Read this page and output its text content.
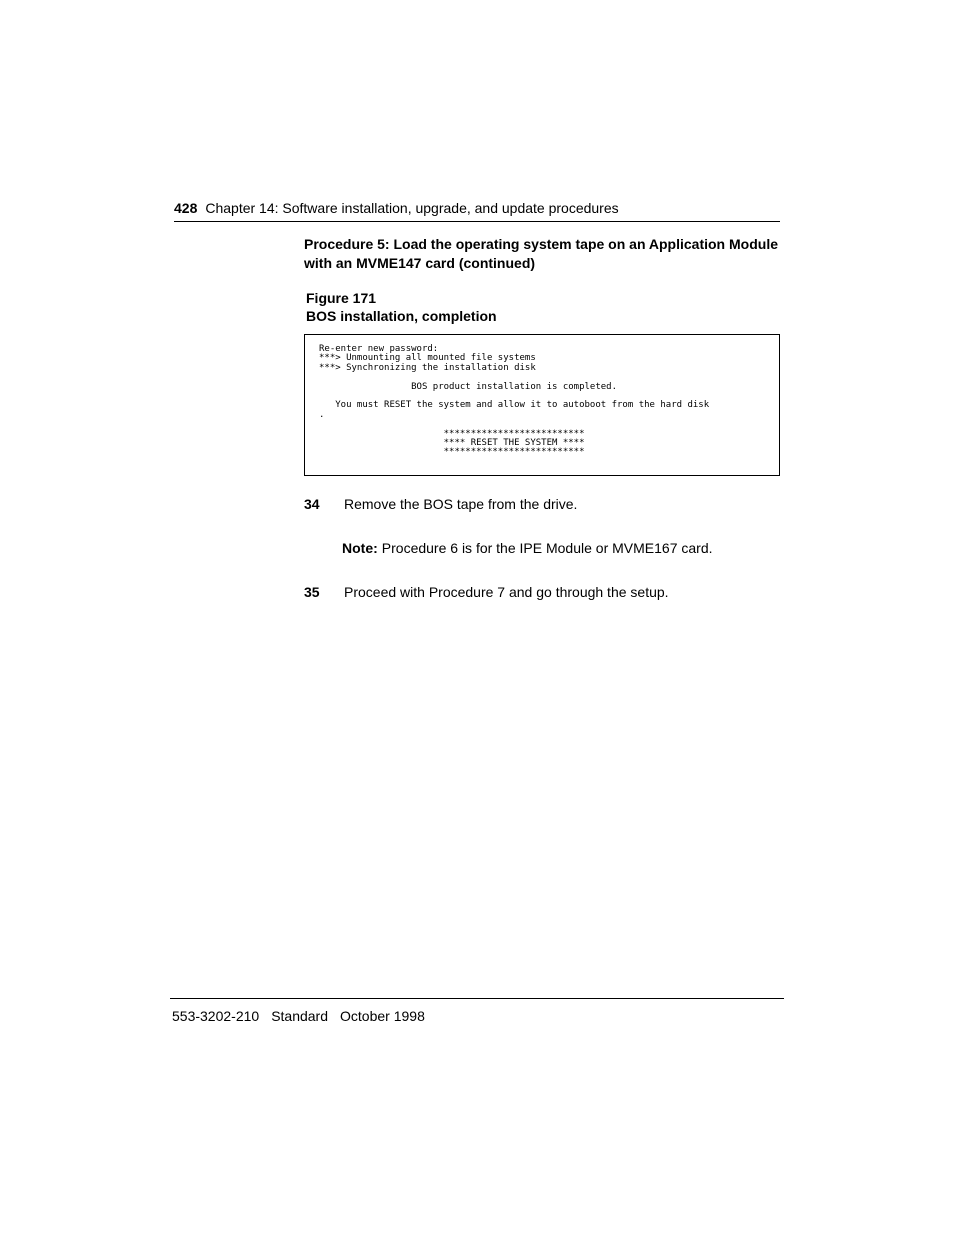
428 Chapter 14: Software installation, upgrade, and update procedures
Procedure 5: Load the operating system tape on an Application Module with an MVME147 card (continued)
Figure 171
BOS installation, completion
Re-enter new password:
***> Unmounting all mounted file systems
***> Synchronizing the installation disk

BOS product installation is completed.

You must RESET the system and allow it to autoboot from the hard disk
.

**************************
**** RESET THE SYSTEM ****
**************************
34 Remove the BOS tape from the drive.
Note: Procedure 6 is for the IPE Module or MVME167 card.
35 Proceed with Procedure 7 and go through the setup.
553-3202-210 Standard October 1998
